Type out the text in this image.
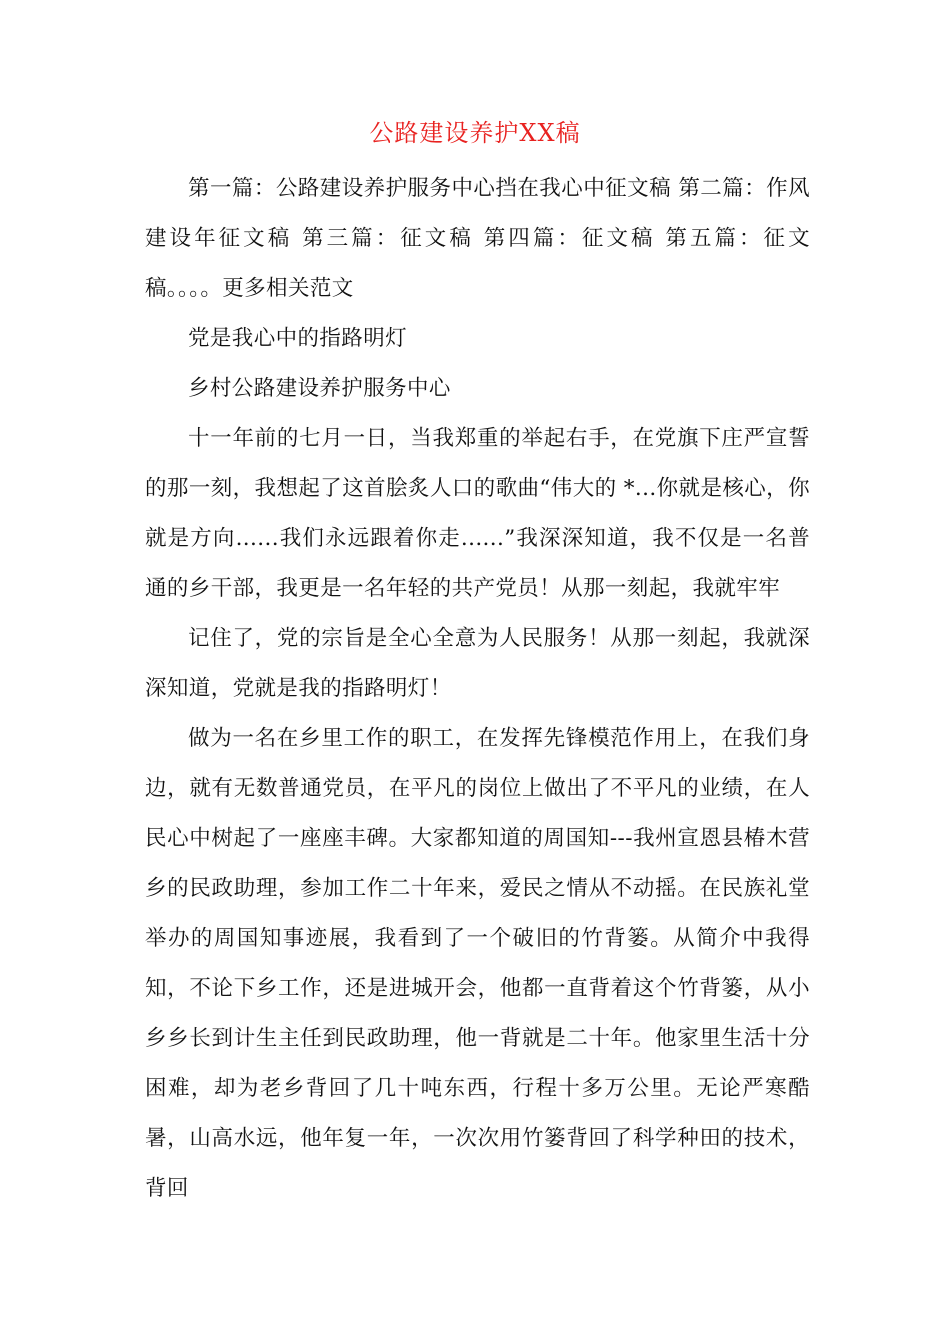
公路建设养护XX稿

第一篇：公路建设养护服务中心挡在我心中征文稿 第二篇：作风建设年征文稿 第三篇：征文稿 第四篇：征文稿 第五篇：征文稿。。。。更多相关范文

党是我心中的指路明灯

乡村公路建设养护服务中心

十一年前的七月一日，当我郑重的举起右手，在党旗下庄严宣誓的那一刻，我想起了这首脍炙人口的歌曲“伟大的 *...你就是核心，你就是方向......我们永远跟着你走......”我深深知道，我不仅是一名普通的乡干部，我更是一名年轻的共产党员！从那一刻起，我就牢牢

记住了，党的宗旨是全心全意为人民服务！从那一刻起，我就深深知道，党就是我的指路明灯！

做为一名在乡里工作的职工，在发挥先锋模范作用上，在我们身边，就有无数普通党员，在平凡的岗位上做出了不平凡的业绩，在人民心中树起了一座座丰碑。大家都知道的周国知---我州宣恩县椿木营乡的民政助理，参加工作二十年来，爱民之情从不动摇。在民族礼堂举办的周国知事迹展，我看到了一个破旧的竹背篓。从简介中我得知，不论下乡工作，还是进城开会，他都一直背着这个竹背篓，从小乡乡长到计生主任到民政助理，他一背就是二十年。他家里生活十分困难，却为老乡背回了几十吨东西，行程十多万公里。无论严寒酷暑，山高水远，他年复一年，一次次用竹篓背回了科学种田的技术，背回
